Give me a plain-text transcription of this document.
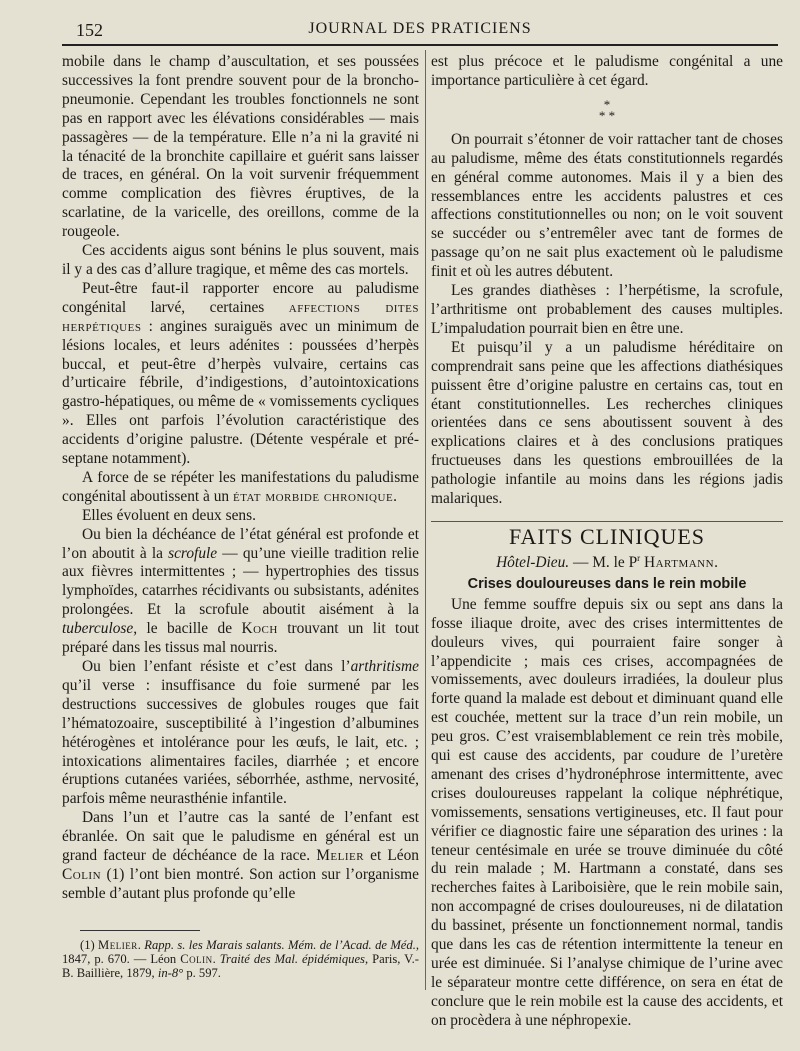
152	JOURNAL DES PRATICIENS

mobile dans le champ d’auscultation, et ses poussées successives la font prendre souvent pour de la broncho-pneumonie. Cependant les troubles fonctionnels ne sont pas en rapport avec les élévations considérables — mais passagères — de la température. Elle n’a ni la gravité ni la ténacité de la bronchite capillaire et guérit sans laisser de traces, en général. On la voit survenir fréquemment comme complication des fièvres éruptives, de la scarlatine, de la varicelle, des oreillons, comme de la rougeole.

Ces accidents aigus sont bénins le plus souvent, mais il y a des cas d’allure tragique, et même des cas mortels.

Peut-être faut-il rapporter encore au paludisme congénital larvé, certaines affections dites herpétiques : angines suraiguës avec un minimum de lésions locales, et leurs adénites : poussées d’herpès buccal, et peut-être d’herpès vulvaire, certains cas d’urticaire fébrile, d’indigestions, d’autointoxications gastro-hépatiques, ou même de « vomissements cycliques ». Elles ont parfois l’évolution caractéristique des accidents d’origine palustre. (Détente vespérale et pré-septane notamment).

A force de se répéter les manifestations du paludisme congénital aboutissent à un état morbide chronique.

Elles évoluent en deux sens.

Ou bien la déchéance de l’état général est profonde et l’on aboutit à la scrofule — qu’une vieille tradition relie aux fièvres intermittentes ; — hypertrophies des tissus lymphoïdes, catarrhes récidivants ou subsistants, adénites prolongées. Et la scrofule aboutit aisément à la tuberculose, le bacille de Koch trouvant un lit tout préparé dans les tissus mal nourris.

Ou bien l’enfant résiste et c’est dans l’arthritisme qu’il verse : insuffisance du foie surmené par les destructions successives de globules rouges que fait l’hématozoaire, susceptibilité à l’ingestion d’albumines hétérogènes et intolérance pour les œufs, le lait, etc. ; intoxications alimentaires faciles, diarrhée ; et encore éruptions cutanées variées, séborrhée, asthme, nervosité, parfois même neurasthénie infantile.

Dans l’un et l’autre cas la santé de l’enfant est ébranlée. On sait que le paludisme en général est un grand facteur de déchéance de la race. Melier et Léon Colin (1) l’ont bien montré. Son action sur l’organisme semble d’autant plus profonde qu’elle

(1) Melier. Rapp. s. les Marais salants. Mém. de l’Acad. de Méd., 1847, p. 670. — Léon Colin. Traité des Mal. épidémiques, Paris, V.-B. Baillière, 1879, in-8° p. 597.

est plus précoce et le paludisme congénital a une importance particulière à cet égard.

*
* *

On pourrait s’étonner de voir rattacher tant de choses au paludisme, même des états constitutionnels regardés en général comme autonomes. Mais il y a bien des ressemblances entre les accidents palustres et ces affections constitutionnelles ou non; on le voit souvent se succéder ou s’entremêler avec tant de formes de passage qu’on ne sait plus exactement où le paludisme finit et où les autres débutent.

Les grandes diathèses : l’herpétisme, la scrofule, l’arthritisme ont probablement des causes multiples. L’impaludation pourrait bien en être une.

Et puisqu’il y a un paludisme héréditaire on comprendrait sans peine que les affections diathésiques puissent être d’origine palustre en certains cas, tout en étant constitutionnelles. Les recherches cliniques orientées dans ce sens aboutissent souvent à des explications claires et à des conclusions pratiques fructueuses dans les questions embrouillées de la pathologie infantile au moins dans les régions jadis malariques.

FAITS CLINIQUES
Hôtel-Dieu. — M. le $P^r$ Hartmann.
Crises douloureuses dans le rein mobile

Une femme souffre depuis six ou sept ans dans la fosse iliaque droite, avec des crises intermittentes de douleurs vives, qui pourraient faire songer à l’appendicite ; mais ces crises, accompagnées de vomissements, avec douleurs irradiées, la douleur plus forte quand la malade est debout et diminuant quand elle est couchée, mettent sur la trace d’un rein mobile, un peu gros. C’est vraisemblablement ce rein très mobile, qui est cause des accidents, par coudure de l’uretère amenant des crises d’hydronéphrose intermittente, avec crises douloureuses rappelant la colique néphrétique, vomissements, sensations vertigineuses, etc. Il faut pour vérifier ce diagnostic faire une séparation des urines : la teneur centésimale en urée se trouve diminuée du côté du rein malade ; M. Hartmann a constaté, dans ses recherches faites à Lariboisière, que le rein mobile sain, non accompagné de crises douloureuses, ni de dilatation du bassinet, présente un fonctionnement normal, tandis que dans les cas de rétention intermittente la teneur en urée est diminuée. Si l’analyse chimique de l’urine avec le séparateur montre cette différence, on sera en état de conclure que le rein mobile est la cause des accidents, et on procèdera à une néphropexie.
